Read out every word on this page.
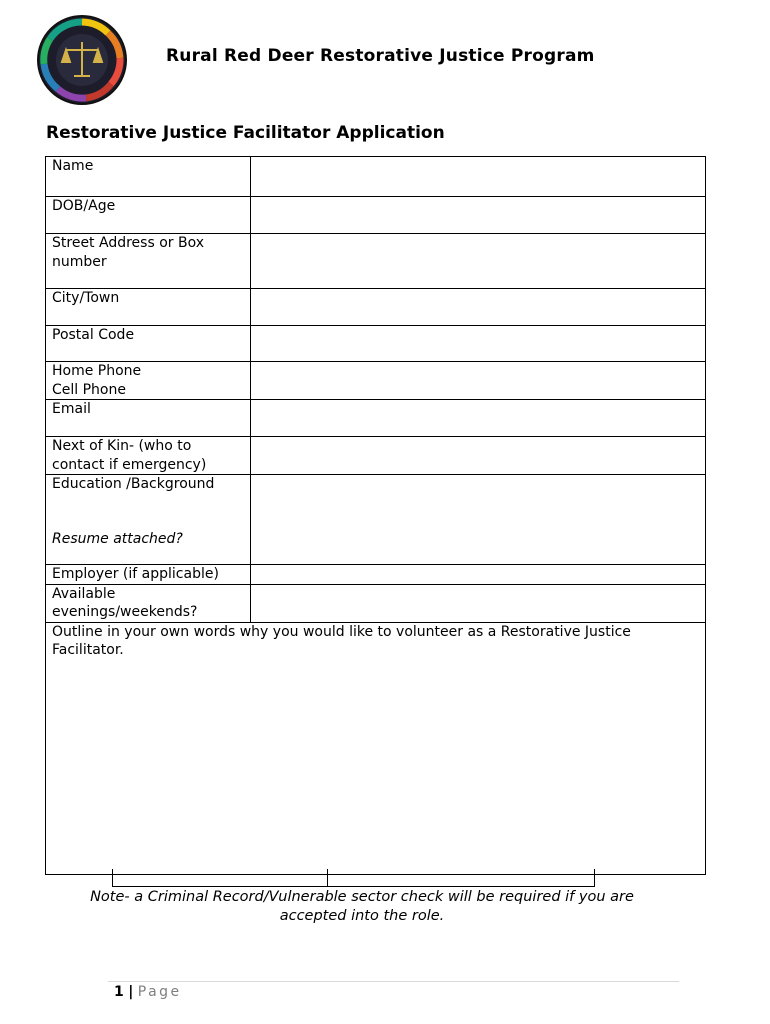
Rural Red Deer Restorative Justice Program
Restorative Justice Facilitator Application
Name	
DOB/Age	

Street Address or Box
number	

City/Town	
Postal Code	

Home Phone
Cell Phone	

Email	

Next of Kin- (who to
contact if emergency)	

Education /Background
Resume attached?	

Employer (if applicable)	

Available
evenings/weekends?	

Outline in your own words why you would like to volunteer as a Restorative Justice Facilitator.	
Note- a Criminal Record/Vulnerable sector check will be required if you are
accepted into the role.
1 | Page
